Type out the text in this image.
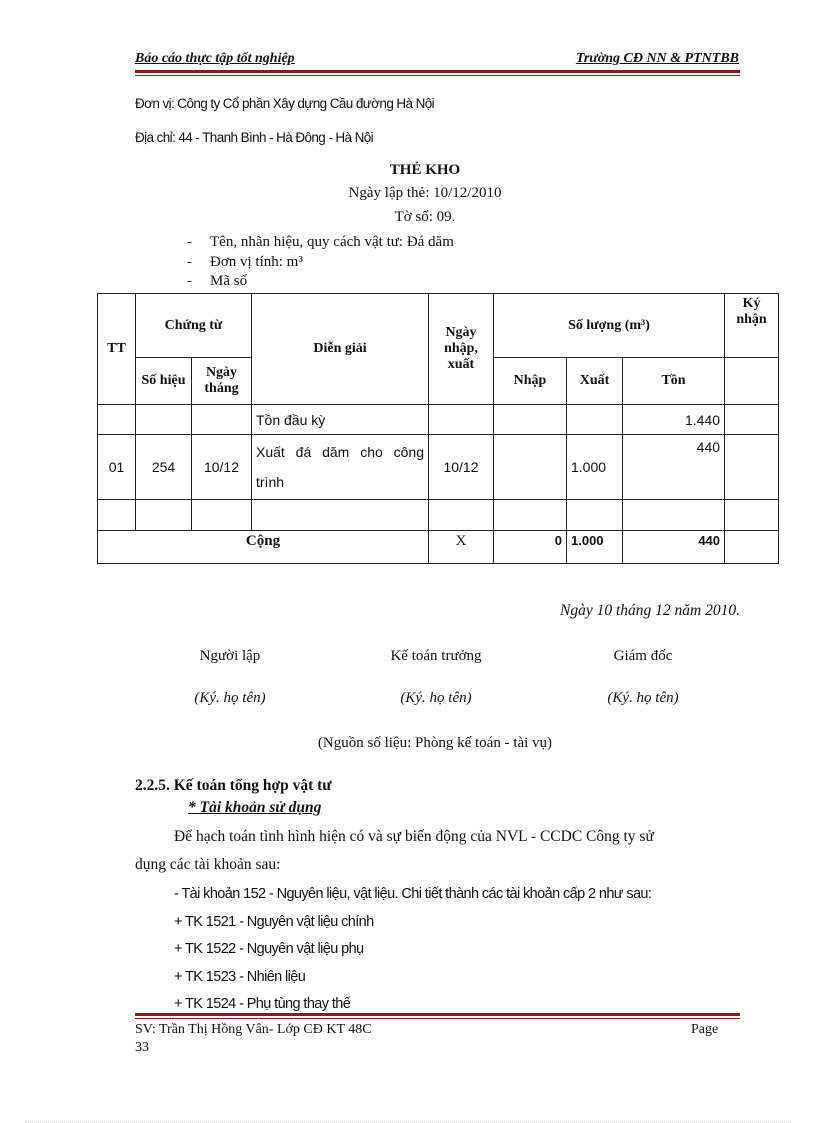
Báo cáo thực tập tốt nghiệp	Trường CĐ NN & PTNTBB
Đơn vị: Công ty Cổ phần Xây dựng Cầu đường Hà Nội
Địa chỉ: 44 - Thanh Bình - Hà Đông - Hà Nội
THẺ KHO
Ngày lập thẻ: 10/12/2010
Tờ số: 09.
- Tên, nhãn hiệu, quy cách vật tư: Đá dăm
- Đơn vị tính: m³
- Mã số
TT	Chứng từ		Diễn giải	Ngày nhập, xuất	Số lượng (m³)			Ký nhận
	Số hiệu	Ngày tháng			Nhập	Xuất	Tồn	
			Tồn đầu kỳ				1.440	
01	254	10/12	Xuất đá dăm cho công trình	10/12		1.000	440	

Cộng				X	0	1.000	440	
Ngày 10 tháng 12 năm 2010.
Người lập	Kế toán trưởng	Giám đốc
(Ký. họ tên)	(Ký. họ tên)	(Ký. họ tên)
(Nguồn số liệu: Phòng kế toán - tài vụ)
2.2.5. Kế toán tổng hợp vật tư
* Tài khoản sử dụng
Để hạch toán tình hình hiện có và sự biến động của NVL - CCDC Công ty sử
dụng các tài khoản sau:
- Tài khoản 152 - Nguyên liệu, vật liệu. Chi tiết thành các tài khoản cấp 2 như sau:
+ TK 1521 - Nguyên vật liệu chính
+ TK 1522 - Nguyên vật liệu phụ
+ TK 1523 - Nhiên liệu
+ TK 1524 - Phụ tùng thay thế
SV: Trần Thị Hồng Vân- Lớp CĐ KT 48C	Page
33
